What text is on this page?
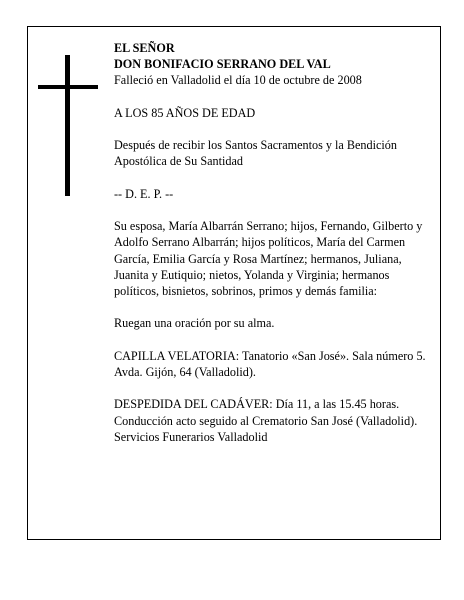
EL SEÑOR

DON BONIFACIO SERRANO DEL VAL

Falleció en Valladolid el día 10 de octubre de 2008

A LOS 85 AÑOS DE EDAD

Después de recibir los Santos Sacramentos y la Bendición Apostólica de Su Santidad

-- D. E. P. --

Su esposa, María Albarrán Serrano; hijos, Fernando, Gilberto y Adolfo Serrano Albarrán; hijos políticos, María del Carmen García, Emilia García y Rosa Martínez; hermanos, Juliana, Juanita y Eutiquio; nietos, Yolanda y Virginia; hermanos políticos, bisnietos, sobrinos, primos y demás familia:

Ruegan una oración por su alma.

CAPILLA VELATORIA: Tanatorio «San José». Sala número 5. Avda. Gijón, 64 (Valladolid).

DESPEDIDA DEL CADÁVER: Día 11, a las 15.45 horas. Conducción acto seguido al Crematorio San José (Valladolid).

Servicios Funerarios Valladolid
